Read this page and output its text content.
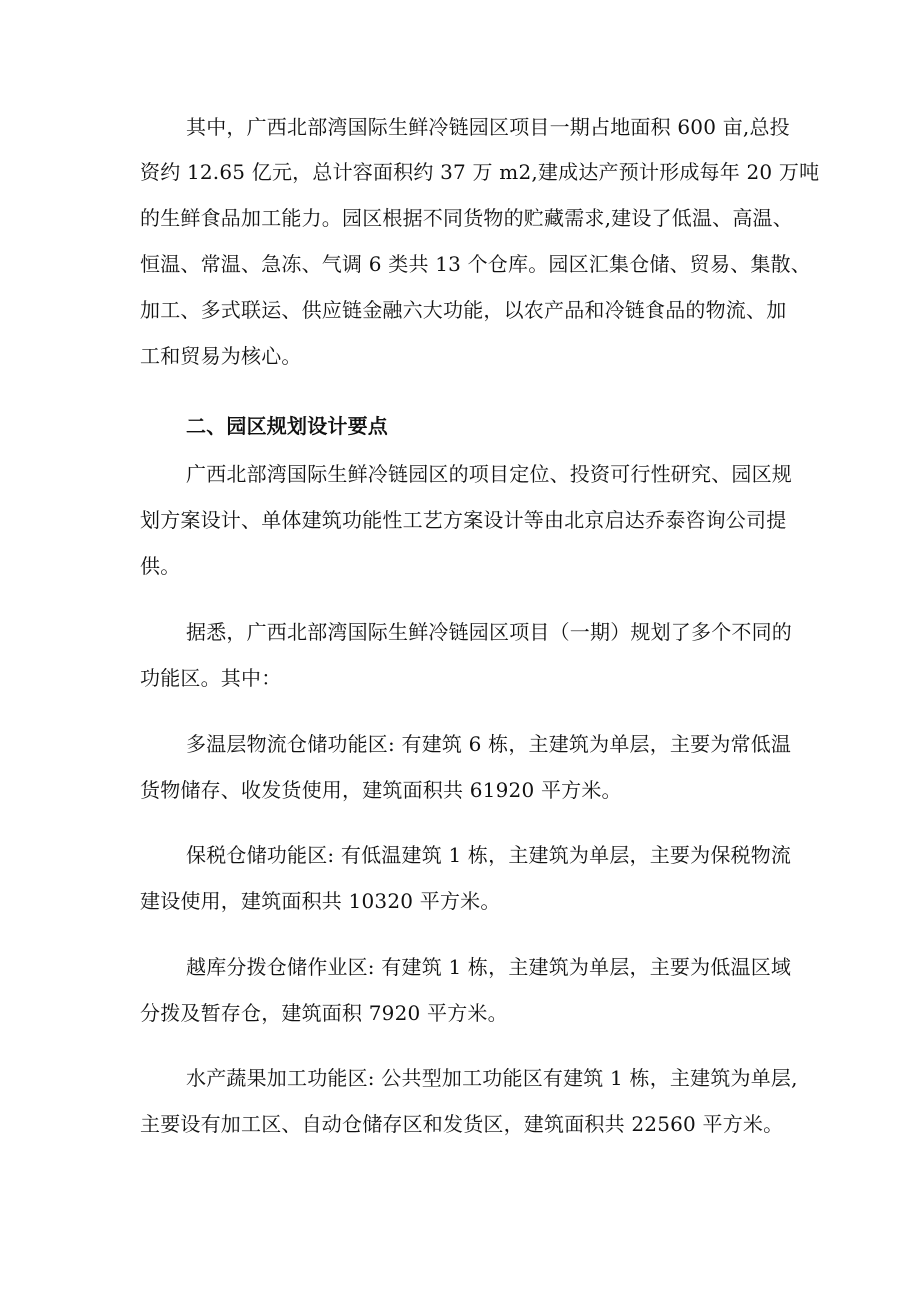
其中，广西北部湾国际生鲜冷链园区项目一期占地面积 600 亩,总投
资约 12.65 亿元，总计容面积约 37 万 m2,建成达产预计形成每年 20 万吨
的生鲜食品加工能力。园区根据不同货物的贮藏需求,建设了低温、高温、
恒温、常温、急冻、气调 6 类共 13 个仓库。园区汇集仓储、贸易、集散、
加工、多式联运、供应链金融六大功能，以农产品和冷链食品的物流、加
工和贸易为核心。
二、园区规划设计要点
广西北部湾国际生鲜冷链园区的项目定位、投资可行性研究、园区规
划方案设计、单体建筑功能性工艺方案设计等由北京启达乔泰咨询公司提
供。
据悉，广西北部湾国际生鲜冷链园区项目（一期）规划了多个不同的
功能区。其中：
多温层物流仓储功能区: 有建筑 6 栋，主建筑为单层，主要为常低温
货物储存、收发货使用，建筑面积共 61920 平方米。
保税仓储功能区: 有低温建筑 1 栋，主建筑为单层，主要为保税物流
建设使用，建筑面积共 10320 平方米。
越库分拨仓储作业区: 有建筑 1 栋，主建筑为单层，主要为低温区域
分拨及暂存仓，建筑面积 7920 平方米。
水产蔬果加工功能区: 公共型加工功能区有建筑 1 栋，主建筑为单层,
主要设有加工区、自动仓储存区和发货区，建筑面积共 22560 平方米。
